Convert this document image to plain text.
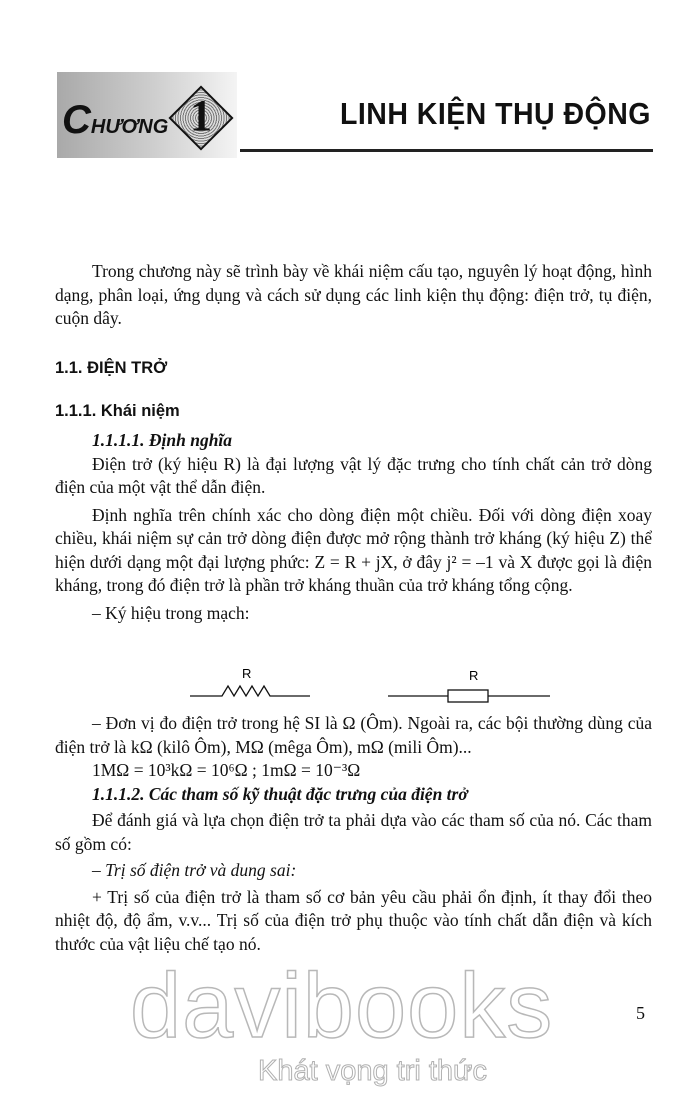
CHƯƠNG 1	LINH KIỆN THỤ ĐỘNG

Trong chương này sẽ trình bày về khái niệm cấu tạo, nguyên lý hoạt động, hình dạng, phân loại, ứng dụng và cách sử dụng các linh kiện thụ động: điện trở, tụ điện, cuộn dây.

1.1. ĐIỆN TRỞ
1.1.1. Khái niệm

1.1.1.1. Định nghĩa

Điện trở (ký hiệu R) là đại lượng vật lý đặc trưng cho tính chất cản trở dòng điện của một vật thể dẫn điện.

Định nghĩa trên chính xác cho dòng điện một chiều. Đối với dòng điện xoay chiều, khái niệm sự cản trở dòng điện được mở rộng thành trở kháng (ký hiệu Z) thể hiện dưới dạng một đại lượng phức: Z = R + jX, ở đây j² = –1 và X được gọi là điện kháng, trong đó điện trở là phần trở kháng thuần của trở kháng tổng cộng.

– Ký hiệu trong mạch:

R	R

– Đơn vị đo điện trở trong hệ SI là Ω (Ôm). Ngoài ra, các bội thường dùng của điện trở là kΩ (kilô Ôm), MΩ (mêga Ôm), mΩ (mili Ôm)...

1MΩ = 10³kΩ = 10⁶Ω ; 1mΩ = 10⁻³Ω

1.1.1.2. Các tham số kỹ thuật đặc trưng của điện trở

Để đánh giá và lựa chọn điện trở ta phải dựa vào các tham số của nó. Các tham số gồm có:

– Trị số điện trở và dung sai:

+ Trị số của điện trở là tham số cơ bản yêu cầu phải ổn định, ít thay đổi theo nhiệt độ, độ ẩm, v.v... Trị số của điện trở phụ thuộc vào tính chất dẫn điện và kích thước của vật liệu chế tạo nó.

davibooks
Khát vọng tri thức
5
